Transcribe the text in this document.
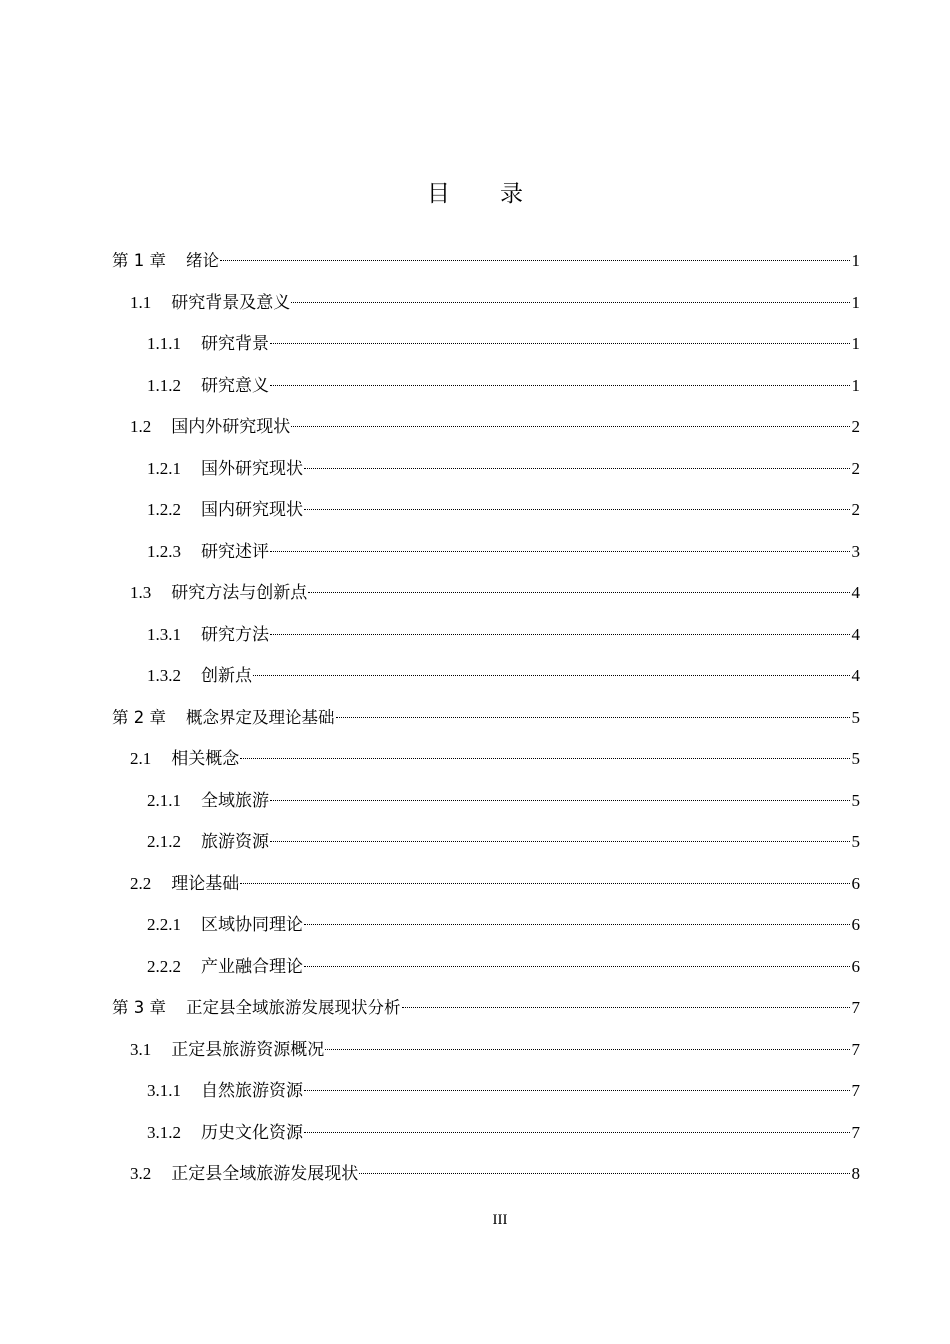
目 录
第 1 章 绪论	1
1.1 研究背景及意义	1
1.1.1 研究背景	1
1.1.2 研究意义	1
1.2 国内外研究现状	2
1.2.1 国外研究现状	2
1.2.2 国内研究现状	2
1.2.3 研究述评	3
1.3 研究方法与创新点	4
1.3.1 研究方法	4
1.3.2 创新点	4
第 2 章 概念界定及理论基础	5
2.1 相关概念	5
2.1.1 全域旅游	5
2.1.2 旅游资源	5
2.2 理论基础	6
2.2.1 区域协同理论	6
2.2.2 产业融合理论	6
第 3 章 正定县全域旅游发展现状分析	7
3.1 正定县旅游资源概况	7
3.1.1 自然旅游资源	7
3.1.2 历史文化资源	7
3.2 正定县全域旅游发展现状	8
III
